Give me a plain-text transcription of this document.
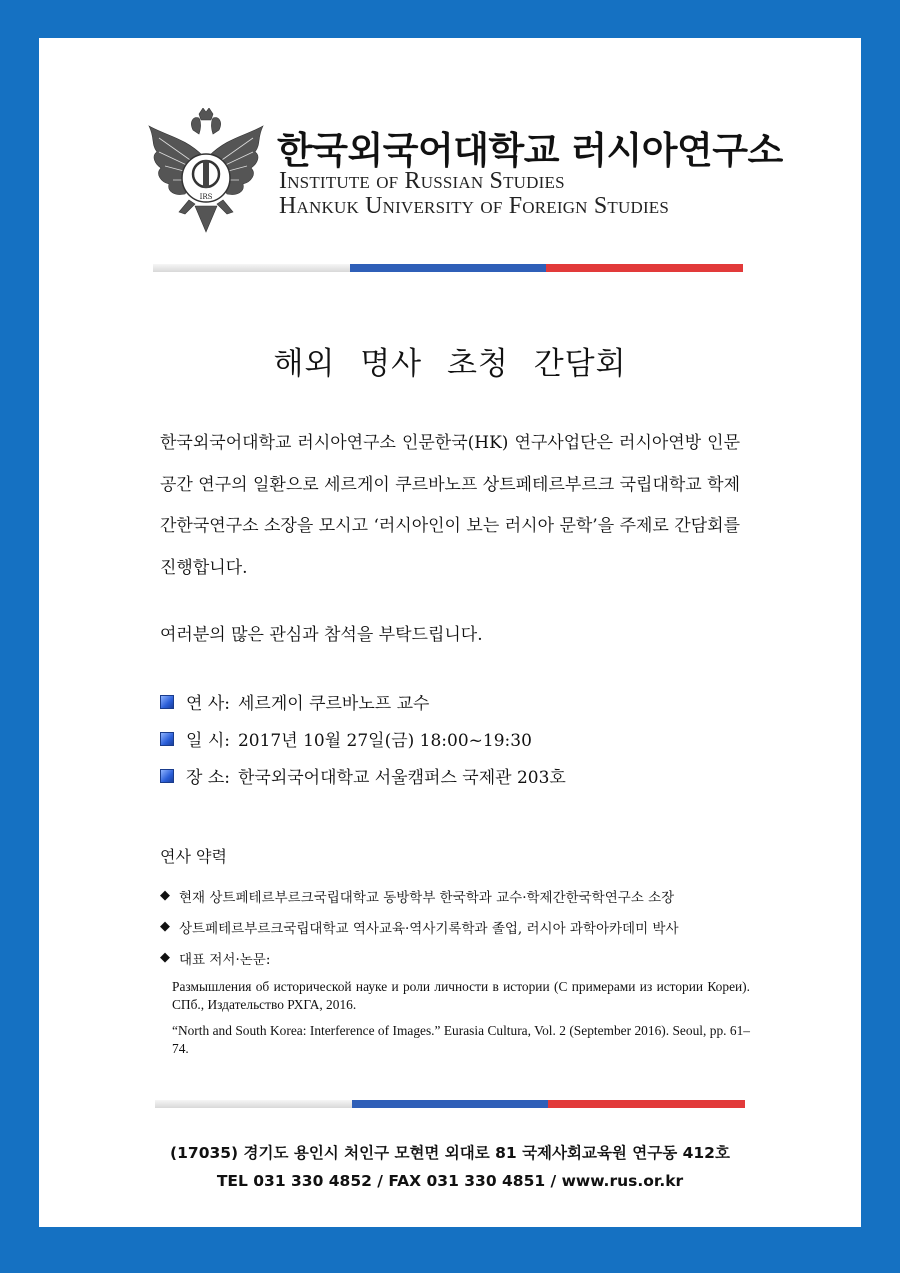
IRS
한국외국어대학교 러시아연구소
Institute of Russian Studies
Hankuk University of Foreign Studies
해외 명사 초청 간담회
한국외국어대학교 러시아연구소 인문한국(HK) 연구사업단은 러시아연방 인문공간 연구의 일환으로 세르게이 쿠르바노프 상트페테르부르크 국립대학교 학제간한국연구소 소장을 모시고 ‘러시아인이 보는 러시아 문학’을 주제로 간담회를 진행합니다.
여러분의 많은 관심과 참석을 부탁드립니다.
연 사: 세르게이 쿠르바노프 교수
일 시: 2017년 10월 27일(금) 18:00~19:30
장 소: 한국외국어대학교 서울캠퍼스 국제관 203호
연사 약력
◆ 현재 상트페테르부르크국립대학교 동방학부 한국학과 교수·학제간한국학연구소 소장
◆ 상트페테르부르크국립대학교 역사교육·역사기록학과 졸업, 러시아 과학아카데미 박사
◆ 대표 저서·논문:
Размышления об исторической науке и роли личности в истории (С примерами из истории Кореи). СПб., Издательство РХГА, 2016.
“North and South Korea: Interference of Images.” Eurasia Cultura, Vol. 2 (September 2016). Seoul, pp. 61–74.
(17035) 경기도 용인시 처인구 모현면 외대로 81 국제사회교육원 연구동 412호
TEL 031 330 4852 / FAX 031 330 4851 / www.rus.or.kr
